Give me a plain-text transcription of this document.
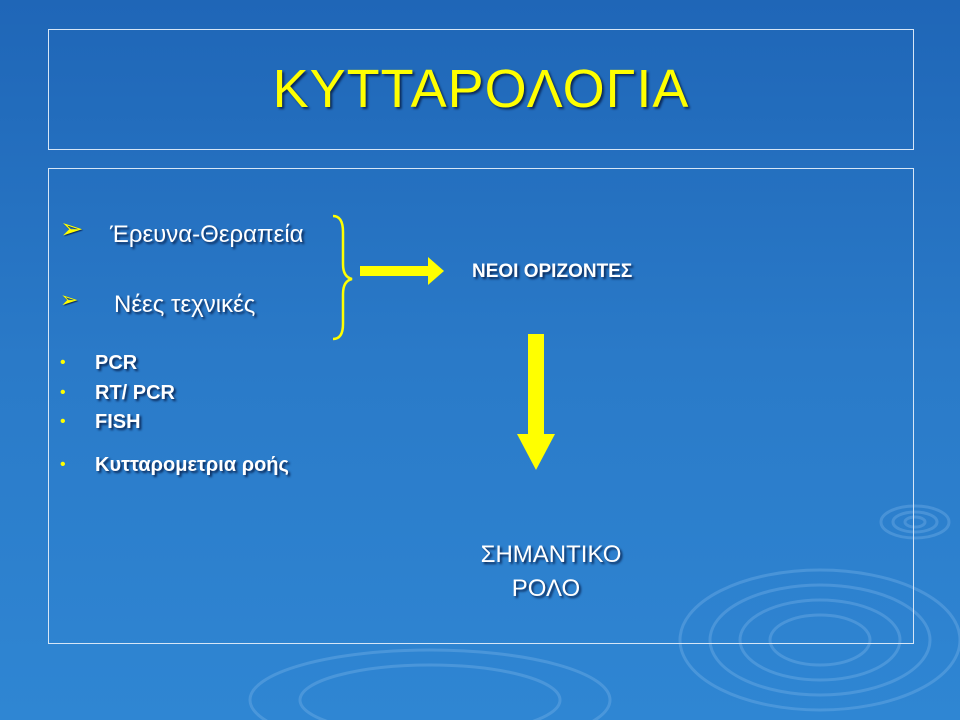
ΚΥΤΤΑΡΟΛΟΓΙΑ
➢ Έρευνα-Θεραπεία
➢ Νέες τεχνικές
• PCR
• RT/ PCR
• FISH
• Κυτταρομετρια ροής
ΝΕΟΙ ΟΡΙΖΟΝΤΕΣ
ΣΗΜΑΝΤΙΚΟ
ΡΟΛΟ
